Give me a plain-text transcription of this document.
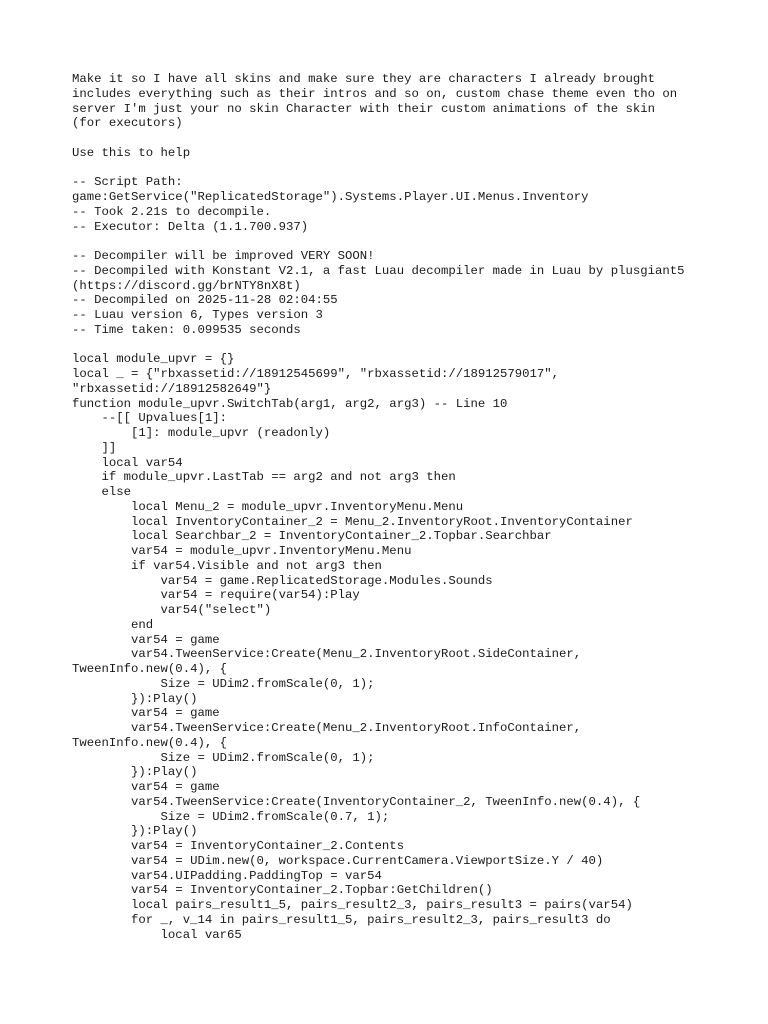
Make it so I have all skins and make sure they are characters I already brought
includes everything such as their intros and so on, custom chase theme even tho on
server I'm just your no skin Character with their custom animations of the skin
(for executors)
Use this to help
-- Script Path:
game:GetService("ReplicatedStorage").Systems.Player.UI.Menus.Inventory
-- Took 2.21s to decompile.
-- Executor: Delta (1.1.700.937)
-- Decompiler will be improved VERY SOON!
-- Decompiled with Konstant V2.1, a fast Luau decompiler made in Luau by plusgiant5
(https://discord.gg/brNTY8nX8t)
-- Decompiled on 2025-11-28 02:04:55
-- Luau version 6, Types version 3
-- Time taken: 0.099535 seconds
local module_upvr = {}
local _ = {"rbxassetid://18912545699", "rbxassetid://18912579017",
"rbxassetid://18912582649"}
function module_upvr.SwitchTab(arg1, arg2, arg3) -- Line 10
--[[ Upvalues[1]:
[1]: module_upvr (readonly)
]]
local var54
if module_upvr.LastTab == arg2 and not arg3 then
else
local Menu_2 = module_upvr.InventoryMenu.Menu
local InventoryContainer_2 = Menu_2.InventoryRoot.InventoryContainer
local Searchbar_2 = InventoryContainer_2.Topbar.Searchbar
var54 = module_upvr.InventoryMenu.Menu
if var54.Visible and not arg3 then
var54 = game.ReplicatedStorage.Modules.Sounds
var54 = require(var54):Play
var54("select")
end
var54 = game
var54.TweenService:Create(Menu_2.InventoryRoot.SideContainer,
TweenInfo.new(0.4), {
Size = UDim2.fromScale(0, 1);
}):Play()
var54 = game
var54.TweenService:Create(Menu_2.InventoryRoot.InfoContainer,
TweenInfo.new(0.4), {
Size = UDim2.fromScale(0, 1);
}):Play()
var54 = game
var54.TweenService:Create(InventoryContainer_2, TweenInfo.new(0.4), {
Size = UDim2.fromScale(0.7, 1);
}):Play()
var54 = InventoryContainer_2.Contents
var54 = UDim.new(0, workspace.CurrentCamera.ViewportSize.Y / 40)
var54.UIPadding.PaddingTop = var54
var54 = InventoryContainer_2.Topbar:GetChildren()
local pairs_result1_5, pairs_result2_3, pairs_result3 = pairs(var54)
for _, v_14 in pairs_result1_5, pairs_result2_3, pairs_result3 do
local var65
